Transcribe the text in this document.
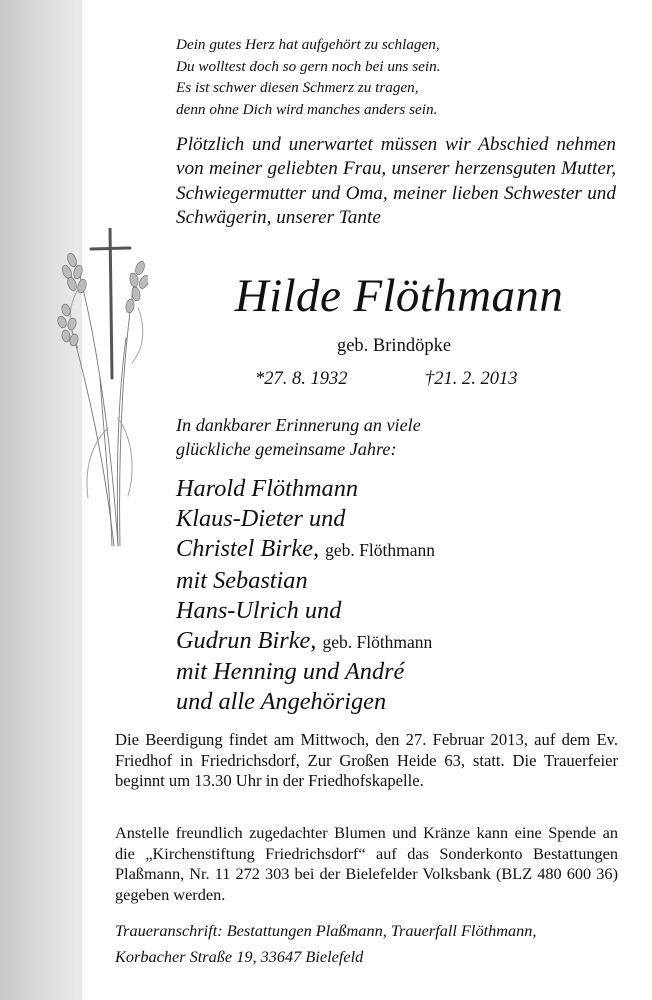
Dein gutes Herz hat aufgehört zu schlagen,
Du wolltest doch so gern noch bei uns sein.
Es ist schwer diesen Schmerz zu tragen,
denn ohne Dich wird manches anders sein.
Plötzlich und unerwartet müssen wir Abschied nehmen von meiner geliebten Frau, unserer herzensguten Mutter, Schwiegermutter und Oma, meiner lieben Schwester und Schwägerin, unserer Tante
Hilde Flöthmann
geb. Brindöpke
*27. 8. 1932	†21. 2. 2013
In dankbarer Erinnerung an viele
glückliche gemeinsame Jahre:
Harold Flöthmann
Klaus-Dieter und
Christel Birke, geb. Flöthmann
mit Sebastian
Hans-Ulrich und
Gudrun Birke, geb. Flöthmann
mit Henning und André
und alle Angehörigen
Die Beerdigung findet am Mittwoch, den 27. Februar 2013, auf dem Ev. Friedhof in Friedrichsdorf, Zur Großen Heide 63, statt. Die Trauerfeier beginnt um 13.30 Uhr in der Friedhofskapelle.
Anstelle freundlich zugedachter Blumen und Kränze kann eine Spende an die „Kirchenstiftung Friedrichsdorf“ auf das Sonderkonto Bestattungen Plaßmann, Nr. 11 272 303 bei der Bielefelder Volksbank (BLZ 480 600 36) gegeben werden.
Traueranschrift: Bestattungen Plaßmann, Trauerfall Flöthmann,
Korbacher Straße 19, 33647 Bielefeld
